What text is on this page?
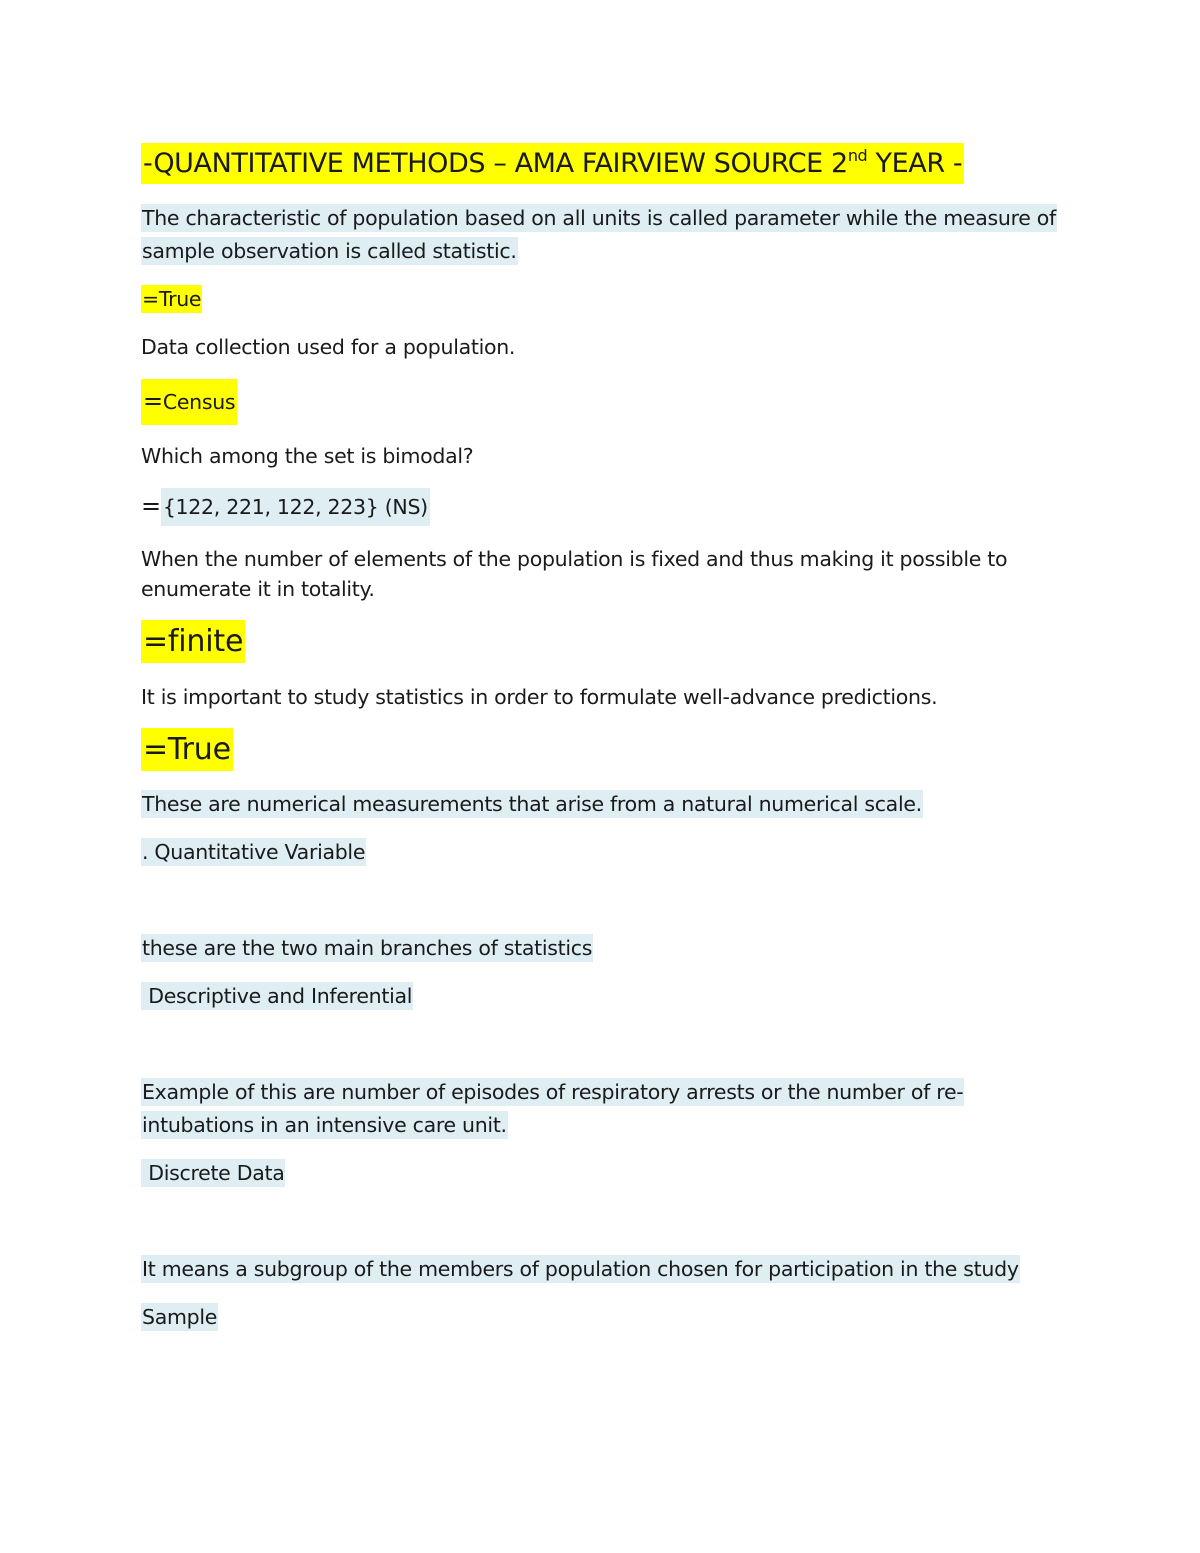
-QUANTITATIVE METHODS – AMA FAIRVIEW SOURCE 2nd YEAR -

The characteristic of population based on all units is called parameter while the measure of

sample observation is called statistic.

=True

Data collection used for a population.

=Census

Which among the set is bimodal?

={122, 221, 122, 223} (NS)

When the number of elements of the population is fixed and thus making it possible to

enumerate it in totality.

=finite

It is important to study statistics in order to formulate well-advance predictions.

=True

These are numerical measurements that arise from a natural numerical scale.

. Quantitative Variable

these are the two main branches of statistics

Descriptive and Inferential

Example of this are number of episodes of respiratory arrests or the number of re-

intubations in an intensive care unit.

Discrete Data

It means a subgroup of the members of population chosen for participation in the study

Sample
